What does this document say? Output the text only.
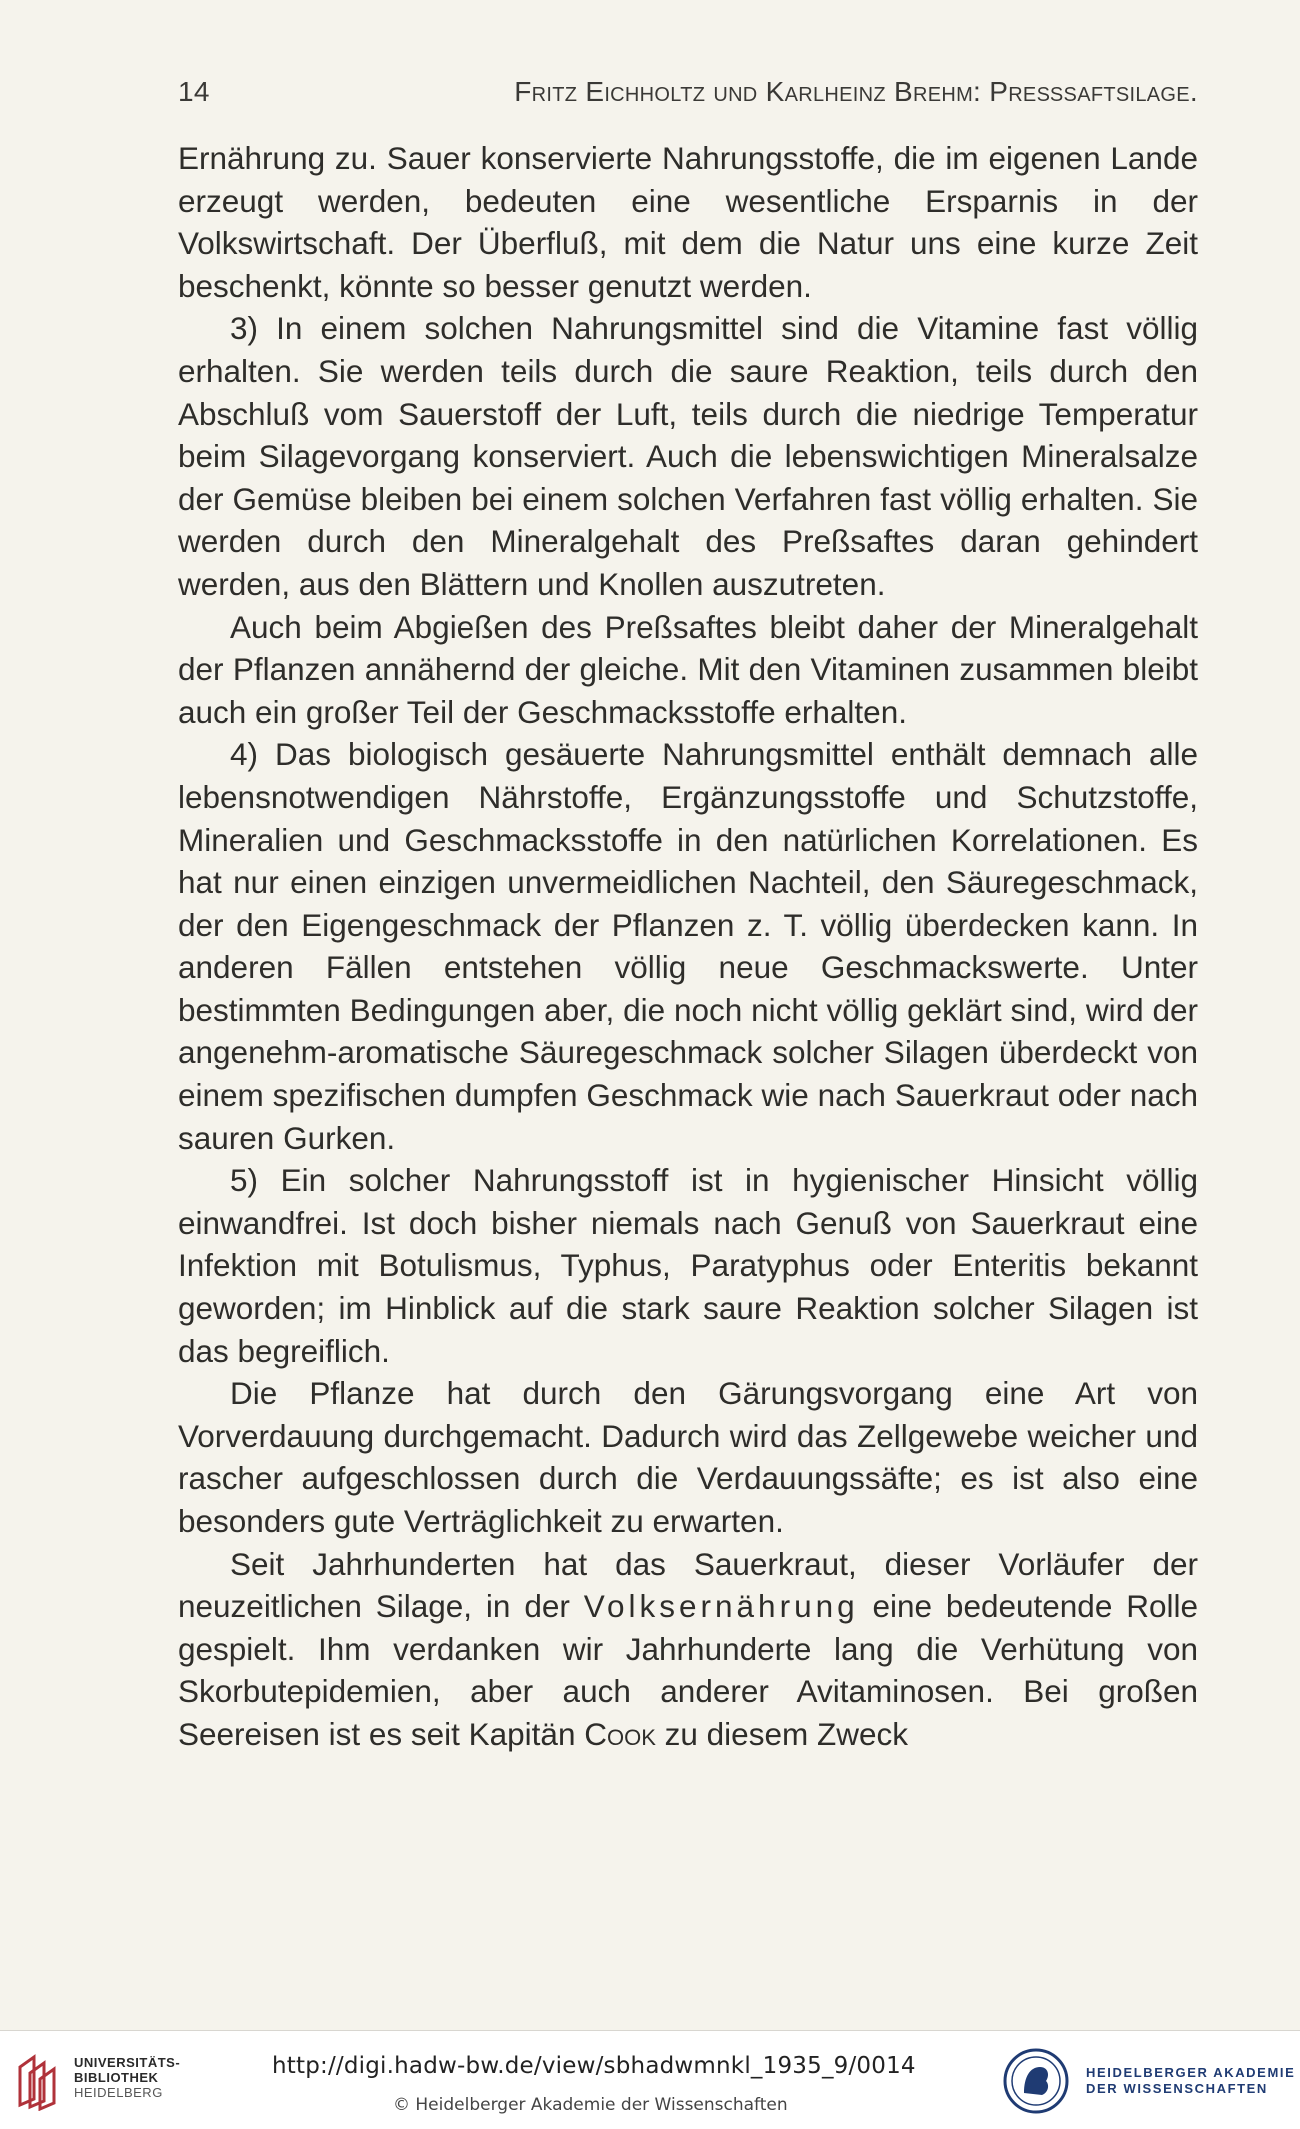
14	Fritz Eichholtz und Karlheinz Brehm: Preßsaftsilage.

Ernährung zu. Sauer konservierte Nahrungsstoffe, die im eigenen Lande erzeugt werden, bedeuten eine wesentliche Ersparnis in der Volkswirtschaft. Der Überfluß, mit dem die Natur uns eine kurze Zeit beschenkt, könnte so besser genutzt werden.

3) In einem solchen Nahrungsmittel sind die Vitamine fast völlig erhalten. Sie werden teils durch die saure Reaktion, teils durch den Abschluß vom Sauerstoff der Luft, teils durch die niedrige Temperatur beim Silagevorgang konserviert. Auch die lebenswichtigen Mineralsalze der Gemüse bleiben bei einem solchen Verfahren fast völlig erhalten. Sie werden durch den Mineralgehalt des Preßsaftes daran gehindert werden, aus den Blättern und Knollen auszutreten.

Auch beim Abgießen des Preßsaftes bleibt daher der Mineralgehalt der Pflanzen annähernd der gleiche. Mit den Vitaminen zusammen bleibt auch ein großer Teil der Geschmacksstoffe erhalten.

4) Das biologisch gesäuerte Nahrungsmittel enthält demnach alle lebensnotwendigen Nährstoffe, Ergänzungsstoffe und Schutzstoffe, Mineralien und Geschmacksstoffe in den natürlichen Korrelationen. Es hat nur einen einzigen unvermeidlichen Nachteil, den Säuregeschmack, der den Eigengeschmack der Pflanzen z. T. völlig überdecken kann. In anderen Fällen entstehen völlig neue Geschmackswerte. Unter bestimmten Bedingungen aber, die noch nicht völlig geklärt sind, wird der angenehm-aromatische Säuregeschmack solcher Silagen überdeckt von einem spezifischen dumpfen Geschmack wie nach Sauerkraut oder nach sauren Gurken.

5) Ein solcher Nahrungsstoff ist in hygienischer Hinsicht völlig einwandfrei. Ist doch bisher niemals nach Genuß von Sauerkraut eine Infektion mit Botulismus, Typhus, Paratyphus oder Enteritis bekannt geworden; im Hinblick auf die stark saure Reaktion solcher Silagen ist das begreiflich.

Die Pflanze hat durch den Gärungsvorgang eine Art von Vorverdauung durchgemacht. Dadurch wird das Zellgewebe weicher und rascher aufgeschlossen durch die Verdauungssäfte; es ist also eine besonders gute Verträglichkeit zu erwarten.

Seit Jahrhunderten hat das Sauerkraut, dieser Vorläufer der neuzeitlichen Silage, in der Volksernährung eine bedeutende Rolle gespielt. Ihm verdanken wir Jahrhunderte lang die Verhütung von Skorbutepidemien, aber auch anderer Avitaminosen. Bei großen Seereisen ist es seit Kapitän Cook zu diesem Zweck

UNIVERSITÄTS-
BIBLIOTHEK
HEIDELBERG
http://digi.hadw-bw.de/view/sbhadwmnkl_1935_9/0014
© Heidelberger Akademie der Wissenschaften
HEIDELBERGER AKADEMIE
DER WISSENSCHAFTEN
